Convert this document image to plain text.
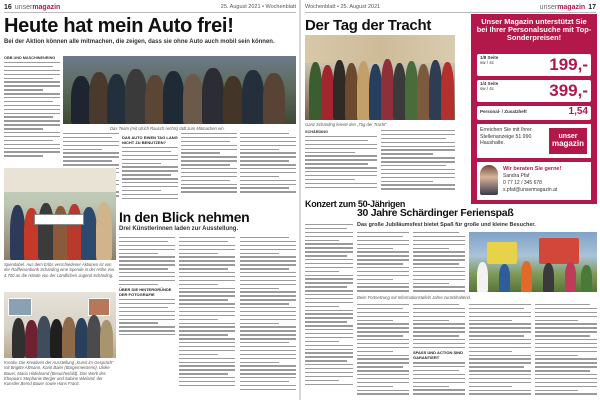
16 unsermagazin	25. August 2021 • Wochenblatt
Heute hat mein Auto frei!
Bei der Aktion können alle mitmachen, die zeigen, dass sie ohne Auto auch mobil sein können.
OBB UND MASCHINENRING
Das Team (mit Ulrich Rausch rechts) lädt zum Mitmachen ein.
DAS AUTO EINEN TAG LANG NICHT ZU BENUTZEN?
Spendabel. Aus dem Erlös verschiedener Aktionen ist von der Raiffeisenbank Schärding eine Spende in der Höhe von 4.700 an die Hände von der Ländlichen Jugend Schärding.
In den Blick nehmen
Drei Künstlerinnen laden zur Ausstellung.
ÜBER DIE HINTERGRÜNDE DER FOTOGRAFIE
Kreativ. Die Kreativen der Ausstellung „Kunst im Gespräch“ mit Brigitte Altmann, Karin Baier (Bürgermeisterin), Ulrike Bauer, Maria Hildebrand (Besucherbild). Das Werk des Ehepaars Stephanie Berger und Sabine Wieland, der Kunstler Bernd Bauer sowie Hans Franz.
Wochenblatt • 25. August 2021	unsermagazin 17
Der Tag der Tracht
Ganz Schärding feierte den „Tag der Tracht“.
SCHÄRDING
Konzert zum 50-Jährigen
30 Jahre Schärdinger Ferienspaß
Das große Jubiläumsfest bietet Spaß für große und kleine Besucher.
Beim Fortsetzung mit Informationstafeln Jahre zurückhaltend.
SPASS UND ACTION SIND GARANTIERT
Unser Magazin unterstützt Sie bei Ihrer Personalsuche mit Top-Sonderpreisen!
1/8 Seite
sw / 4c	199,-
1/4 Seite
sw / 4c	399,-
Personal- / Zusatzheft	1,54
Erreichen Sie mit Ihrer Stellenanzeige 51.990 Haushalte.
unser
magazin
Wir beraten Sie gerne!
Sandra Pfaf
0 77 12 / 345 678
s.pfaf@unsermagazin.at
